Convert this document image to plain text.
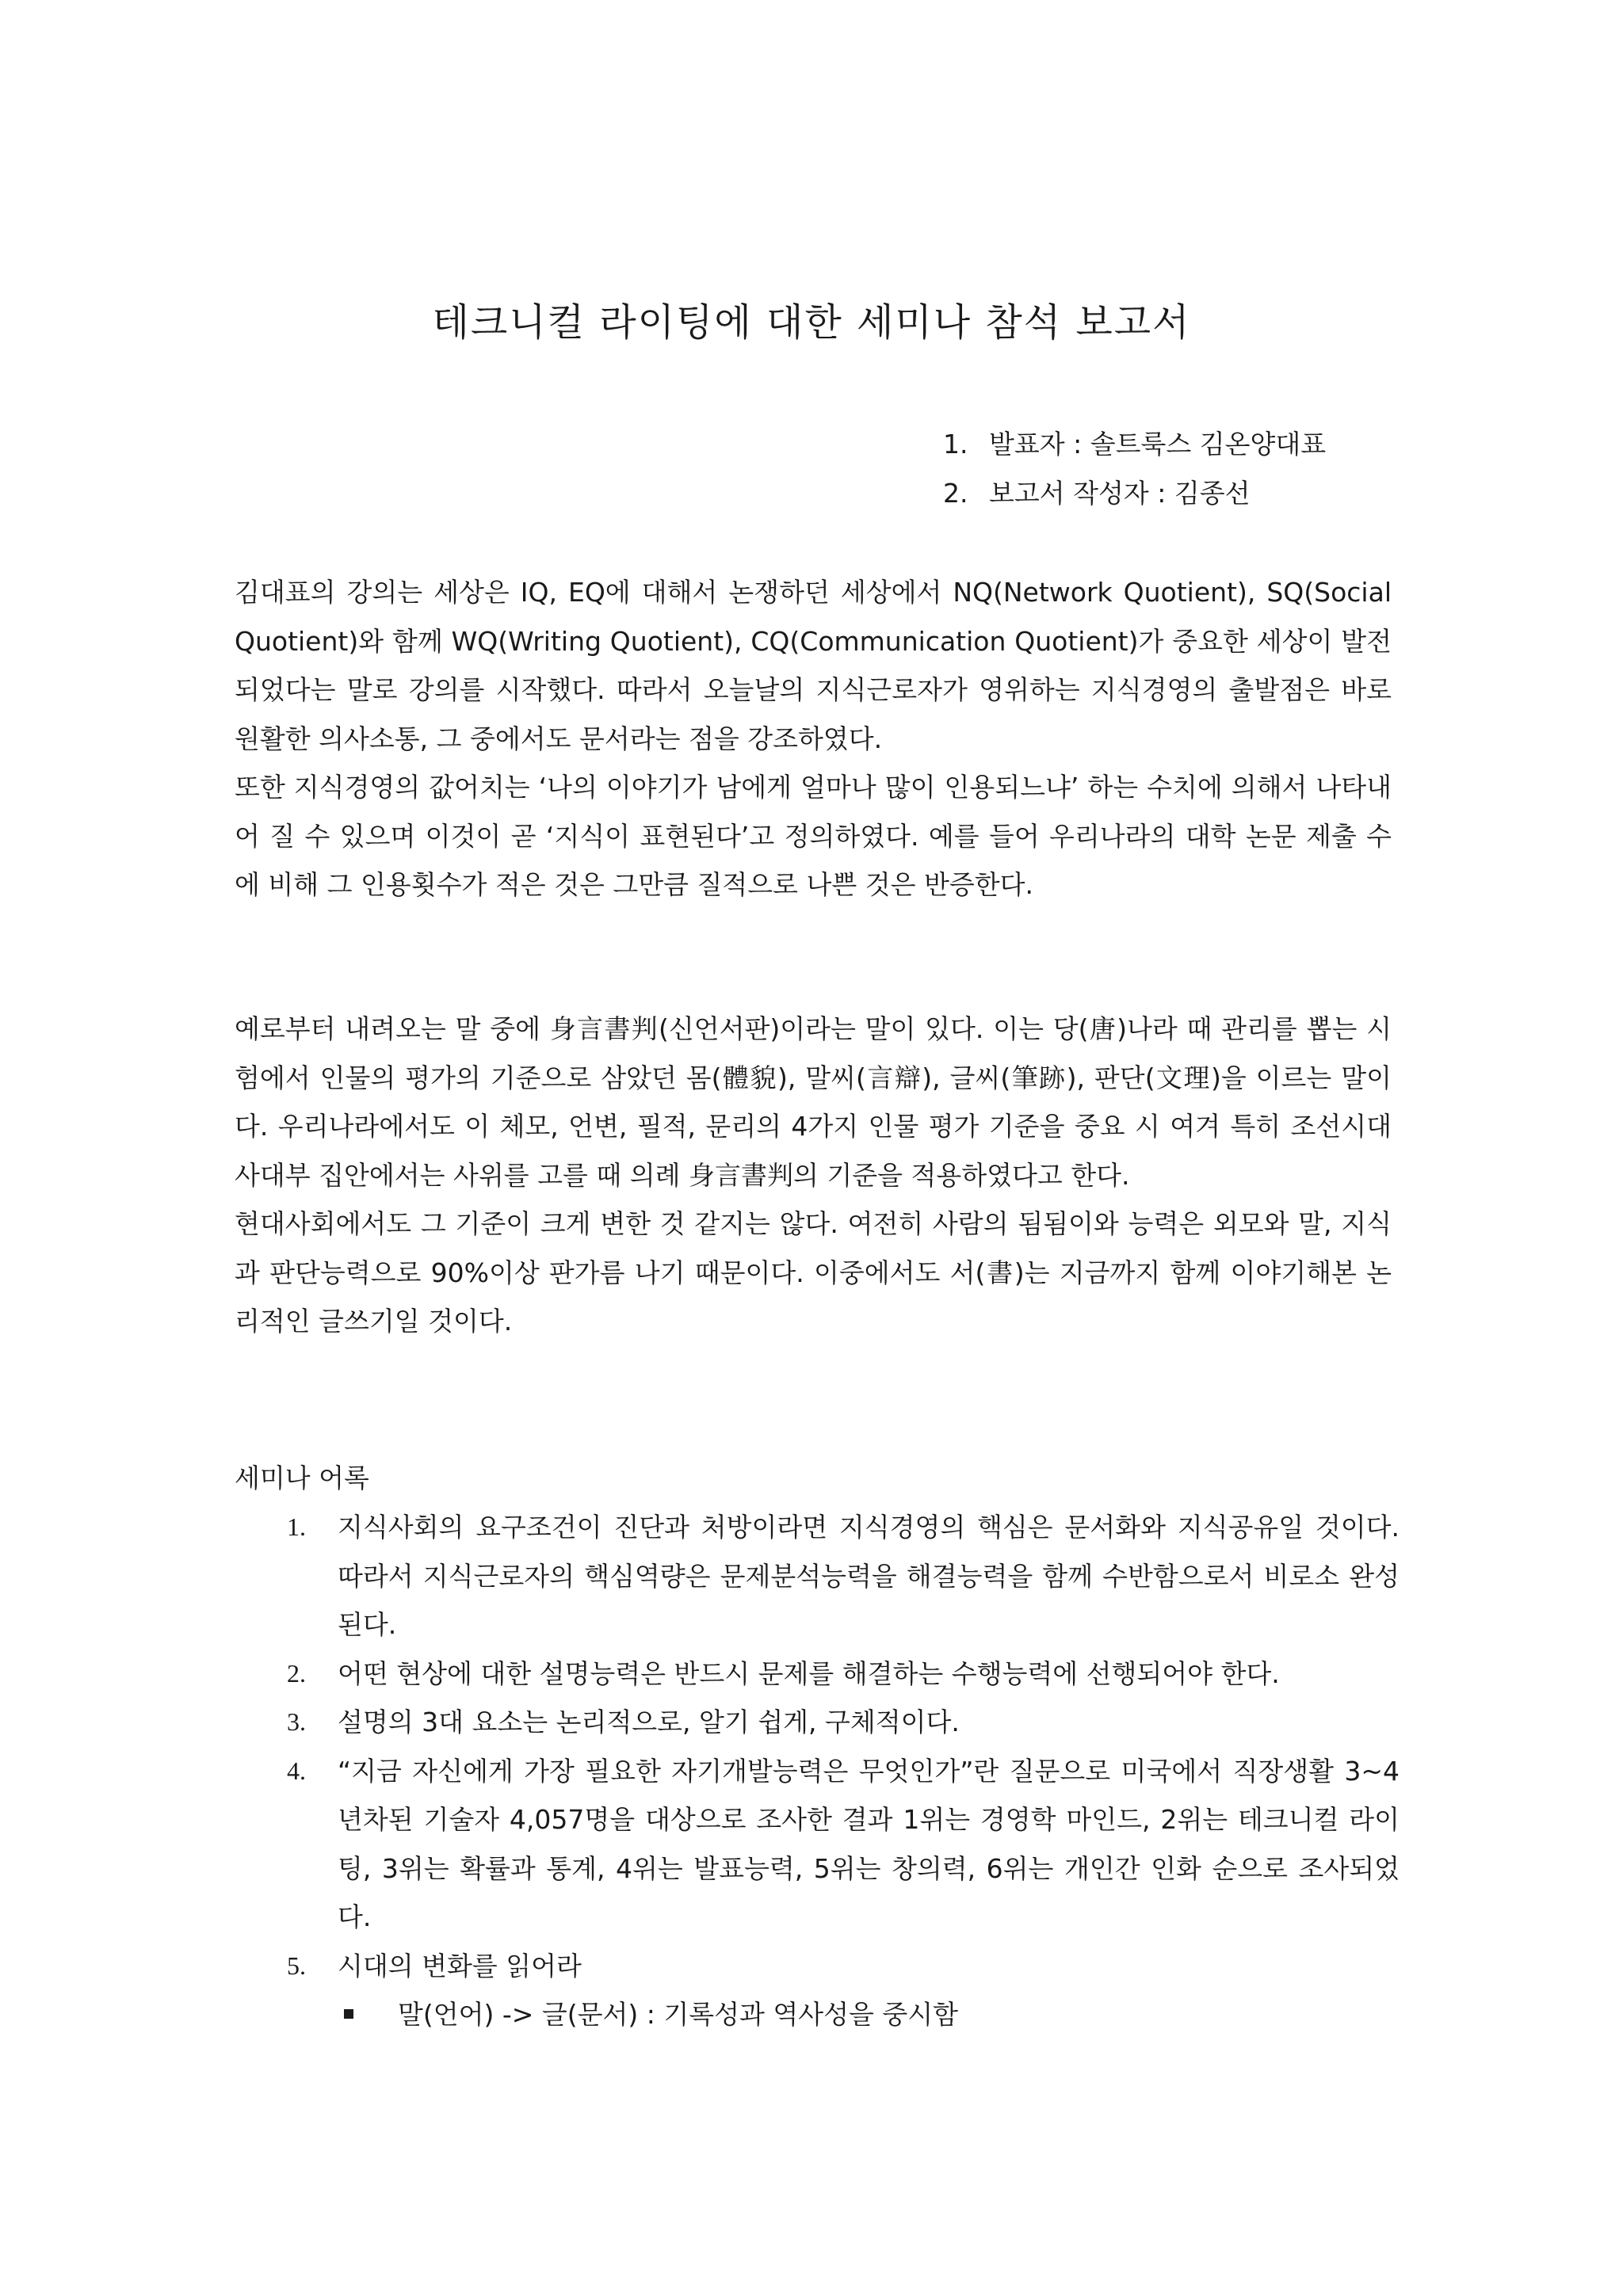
테크니컬 라이팅에 대한 세미나 참석 보고서
1. 발표자 : 솔트룩스 김온양대표
2. 보고서 작성자 : 김종선

김대표의 강의는 세상은 IQ, EQ에 대해서 논쟁하던 세상에서 NQ(Network Quotient), SQ(Social Quotient)와 함께 WQ(Writing Quotient), CQ(Communication Quotient)가 중요한 세상이 발전되었다는 말로 강의를 시작했다. 따라서 오늘날의 지식근로자가 영위하는 지식경영의 출발점은 바로 원활한 의사소통, 그 중에서도 문서라는 점을 강조하였다.

또한 지식경영의 값어치는 ‘나의 이야기가 남에게 얼마나 많이 인용되느냐’ 하는 수치에 의해서 나타내어 질 수 있으며 이것이 곧 ‘지식이 표현된다’고 정의하였다. 예를 들어 우리나라의 대학 논문 제출 수에 비해 그 인용횟수가 적은 것은 그만큼 질적으로 나쁜 것은 반증한다.

예로부터 내려오는 말 중에 身言書判(신언서판)이라는 말이 있다. 이는 당(唐)나라 때 관리를 뽑는 시험에서 인물의 평가의 기준으로 삼았던 몸(體貌), 말씨(言辯), 글씨(筆跡), 판단(文理)을 이르는 말이다. 우리나라에서도 이 체모, 언변, 필적, 문리의 4가지 인물 평가 기준을 중요 시 여겨 특히 조선시대 사대부 집안에서는 사위를 고를 때 의례 身言書判의 기준을 적용하였다고 한다.

현대사회에서도 그 기준이 크게 변한 것 같지는 않다. 여전히 사람의 됨됨이와 능력은 외모와 말, 지식과 판단능력으로 90%이상 판가름 나기 때문이다. 이중에서도 서(書)는 지금까지 함께 이야기해본 논리적인 글쓰기일 것이다.

세미나 어록
1. 지식사회의 요구조건이 진단과 처방이라면 지식경영의 핵심은 문서화와 지식공유일 것이다. 따라서 지식근로자의 핵심역량은 문제분석능력을 해결능력을 함께 수반함으로서 비로소 완성된다.
2. 어떤 현상에 대한 설명능력은 반드시 문제를 해결하는 수행능력에 선행되어야 한다.
3. 설명의 3대 요소는 논리적으로, 알기 쉽게, 구체적이다.
4. “지금 자신에게 가장 필요한 자기개발능력은 무엇인가”란 질문으로 미국에서 직장생활 3~4년차된 기술자 4,057명을 대상으로 조사한 결과 1위는 경영학 마인드, 2위는 테크니컬 라이팅, 3위는 확률과 통계, 4위는 발표능력, 5위는 창의력, 6위는 개인간 인화 순으로 조사되었다.
5. 시대의 변화를 읽어라
말(언어) -> 글(문서) : 기록성과 역사성을 중시함
